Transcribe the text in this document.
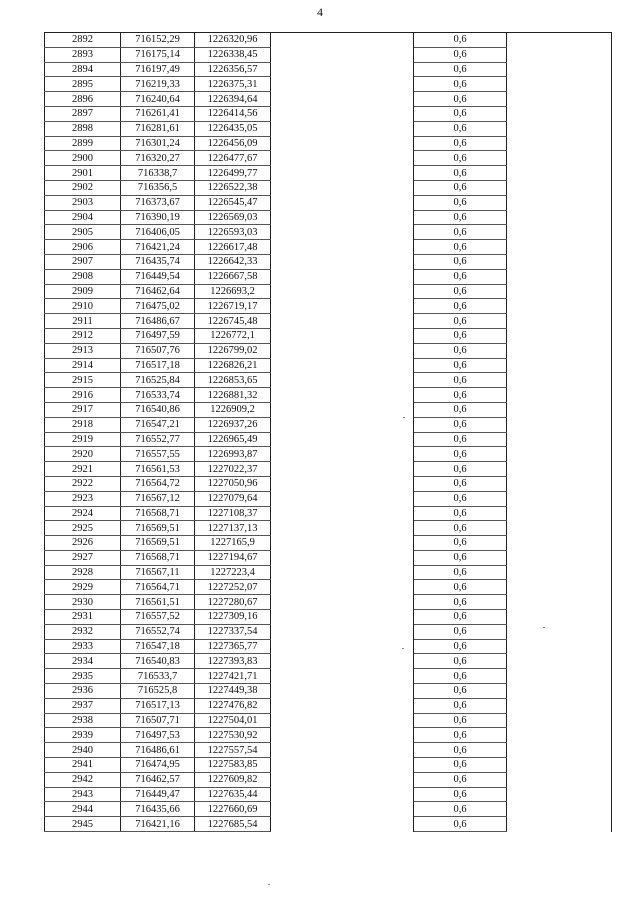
4
2892	716152,29	1226320,96		0,6	
2893	716175,14	1226338,45		0,6	
2894	716197,49	1226356,57		0,6	
2895	716219,33	1226375,31		0,6	
2896	716240,64	1226394,64		0,6	
2897	716261,41	1226414,56		0,6	
2898	716281,61	1226435,05		0,6	
2899	716301,24	1226456,09		0,6	
2900	716320,27	1226477,67		0,6	
2901	716338,7	1226499,77		0,6	
2902	716356,5	1226522,38		0,6	
2903	716373,67	1226545,47		0,6	
2904	716390,19	1226569,03		0,6	
2905	716406,05	1226593,03		0,6	
2906	716421,24	1226617,48		0,6	
2907	716435,74	1226642,33		0,6	
2908	716449,54	1226667,58		0,6	
2909	716462,64	1226693,2		0,6	
2910	716475,02	1226719,17		0,6	
2911	716486,67	1226745,48		0,6	
2912	716497,59	1226772,1		0,6	
2913	716507,76	1226799,02		0,6	
2914	716517,18	1226826,21		0,6	
2915	716525,84	1226853,65		0,6	
2916	716533,74	1226881,32		0,6	
2917	716540,86	1226909,2		0,6	
2918	716547,21	1226937,26		0,6	
2919	716552,77	1226965,49		0,6	
2920	716557,55	1226993,87		0,6	
2921	716561,53	1227022,37		0,6	
2922	716564,72	1227050,96		0,6	
2923	716567,12	1227079,64		0,6	
2924	716568,71	1227108,37		0,6	
2925	716569,51	1227137,13		0,6	
2926	716569,51	1227165,9		0,6	
2927	716568,71	1227194,67		0,6	
2928	716567,11	1227223,4		0,6	
2929	716564,71	1227252,07		0,6	
2930	716561,51	1227280,67		0,6	
2931	716557,52	1227309,16		0,6	
2932	716552,74	1227337,54		0,6	
2933	716547,18	1227365,77		0,6	
2934	716540,83	1227393,83		0,6	
2935	716533,7	1227421,71		0,6	
2936	716525,8	1227449,38		0,6	
2937	716517,13	1227476,82		0,6	
2938	716507,71	1227504,01		0,6	
2939	716497,53	1227530,92		0,6	
2940	716486,61	1227557,54		0,6	
2941	716474,95	1227583,85		0,6	
2942	716462,57	1227609,82		0,6	
2943	716449,47	1227635,44		0,6	
2944	716435,66	1227660,69		0,6	
2945	716421,16	1227685,54		0,6	
